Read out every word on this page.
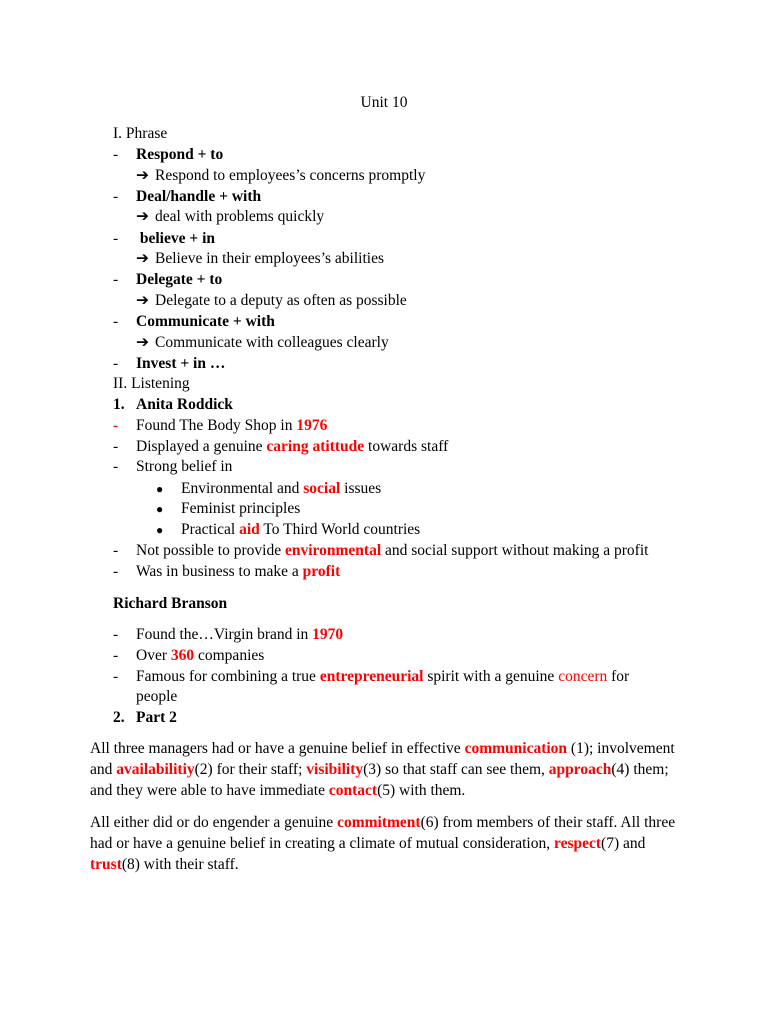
Unit 10
I. Phrase
- Respond + to
➔ Respond to employees’s concerns promptly
- Deal/handle + with
➔ deal with problems quickly
- believe + in
➔ Believe in their employees’s abilities
- Delegate + to
➔ Delegate to a deputy as often as possible
- Communicate + with
➔ Communicate with colleagues clearly
- Invest + in …
II. Listening
1. Anita Roddick
- Found The Body Shop in 1976
- Displayed a genuine caring atittude towards staff
- Strong belief in
● Environmental and social issues
● Feminist principles
● Practical aid To Third World countries
- Not possible to provide environmental and social support without making a profit
- Was in business to make a profit
Richard Branson
- Found the…Virgin brand in 1970
- Over 360 companies
- Famous for combining a true entrepreneurial spirit with a genuine concern for
people
2. Part 2
All three managers had or have a genuine belief in effective communication (1); involvement and availabilitiy(2) for their staff; visibility(3) so that staff can see them, approach(4) them; and they were able to have immediate contact(5) with them.
All either did or do engender a genuine commitment(6) from members of their staff. All three had or have a genuine belief in creating a climate of mutual consideration, respect(7) and trust(8) with their staff.
